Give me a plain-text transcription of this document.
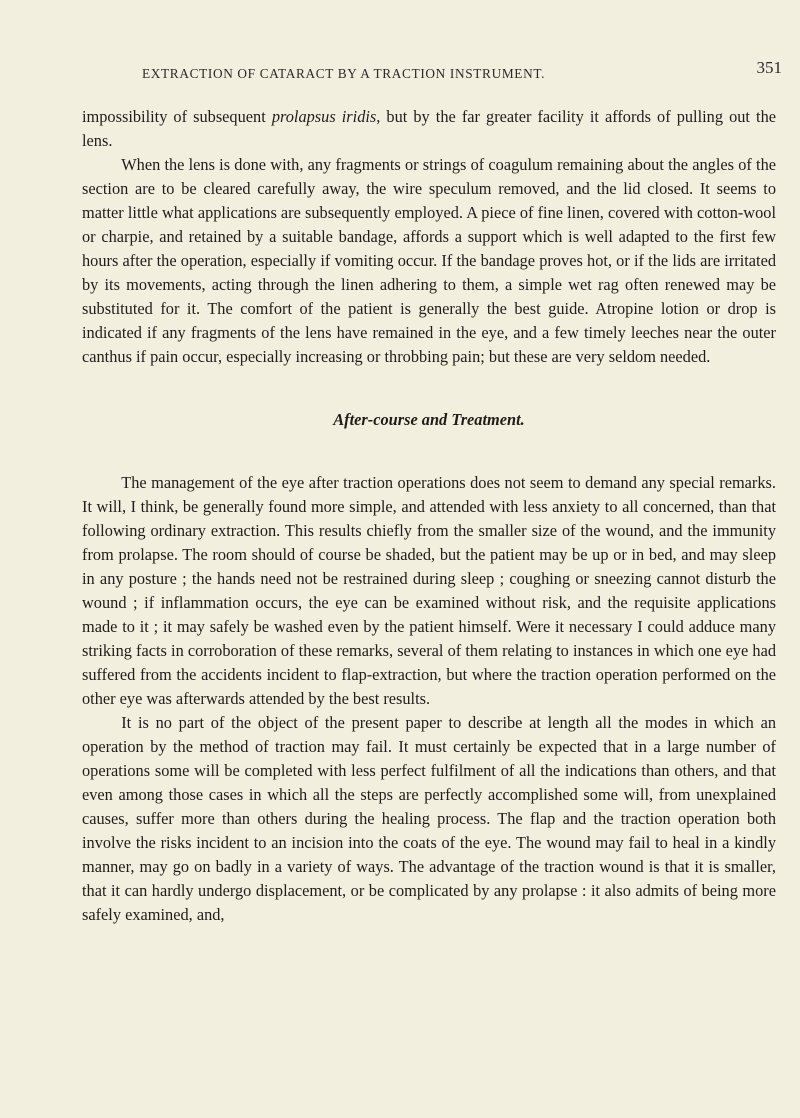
EXTRACTION OF CATARACT BY A TRACTION INSTRUMENT.	351

impossibility of subsequent prolapsus iridis, but by the far greater facility it affords of pulling out the lens.

When the lens is done with, any fragments or strings of coagulum remaining about the angles of the section are to be cleared carefully away, the wire speculum removed, and the lid closed. It seems to matter little what applications are subsequently employed. A piece of fine linen, covered with cotton-wool or charpie, and retained by a suitable bandage, affords a support which is well adapted to the first few hours after the operation, especially if vomiting occur. If the bandage proves hot, or if the lids are irritated by its movements, acting through the linen adhering to them, a simple wet rag often renewed may be substituted for it. The comfort of the patient is generally the best guide. Atropine lotion or drop is indicated if any fragments of the lens have remained in the eye, and a few timely leeches near the outer canthus if pain occur, especially increasing or throbbing pain; but these are very seldom needed.

After-course and Treatment.

The management of the eye after traction operations does not seem to demand any special remarks. It will, I think, be generally found more simple, and attended with less anxiety to all concerned, than that following ordinary extraction. This results chiefly from the smaller size of the wound, and the immunity from prolapse. The room should of course be shaded, but the patient may be up or in bed, and may sleep in any posture ; the hands need not be restrained during sleep ; coughing or sneezing cannot disturb the wound ; if inflammation occurs, the eye can be examined without risk, and the requisite applications made to it ; it may safely be washed even by the patient himself. Were it necessary I could adduce many striking facts in corroboration of these remarks, several of them relating to instances in which one eye had suffered from the accidents incident to flap-extraction, but where the traction operation performed on the other eye was afterwards attended by the best results.

It is no part of the object of the present paper to describe at length all the modes in which an operation by the method of traction may fail. It must certainly be expected that in a large number of operations some will be completed with less perfect fulfilment of all the indications than others, and that even among those cases in which all the steps are perfectly accomplished some will, from unexplained causes, suffer more than others during the healing process. The flap and the traction operation both involve the risks incident to an incision into the coats of the eye. The wound may fail to heal in a kindly manner, may go on badly in a variety of ways. The advantage of the traction wound is that it is smaller, that it can hardly undergo displacement, or be complicated by any prolapse : it also admits of being more safely examined, and,
